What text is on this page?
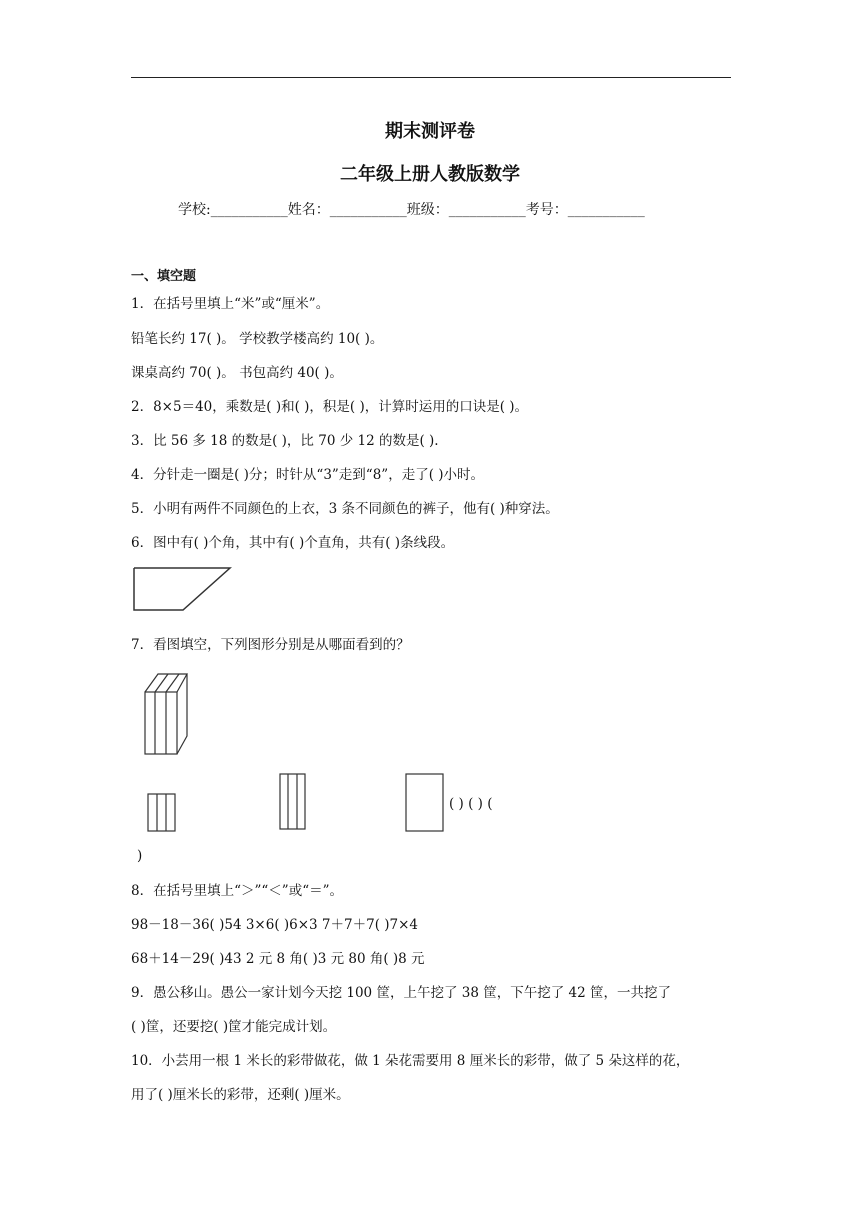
期末测评卷
二年级上册人教版数学
学校:___________姓名：___________班级：___________考号：___________
一、填空题
1．在括号里填上“米”或“厘米”。
铅笔长约 17( )。 学校教学楼高约 10( )。
课桌高约 70( )。 书包高约 40( )。
2．8×5＝40，乘数是( )和( )，积是( )，计算时运用的口诀是( )。
3．比 56 多 18 的数是( )，比 70 少 12 的数是( ).
4．分针走一圈是( )分；时针从“3”走到“8”，走了( )小时。
5．小明有两件不同颜色的上衣，3 条不同颜色的裤子，他有( )种穿法。
6．图中有( )个角，其中有( )个直角，共有( )条线段。
7．看图填空，下列图形分别是从哪面看到的？
( ) ( ) (
)
8．在括号里填上“＞”“＜”或“＝”。
98－18－36( )54 3×6( )6×3 7＋7＋7( )7×4
68＋14－29( )43 2 元 8 角( )3 元 80 角( )8 元
9．愚公移山。愚公一家计划今天挖 100 筐，上午挖了 38 筐，下午挖了 42 筐，一共挖了
( )筐，还要挖( )筐才能完成计划。
10．小芸用一根 1 米长的彩带做花，做 1 朵花需要用 8 厘米长的彩带，做了 5 朵这样的花，
用了( )厘米长的彩带，还剩( )厘米。
